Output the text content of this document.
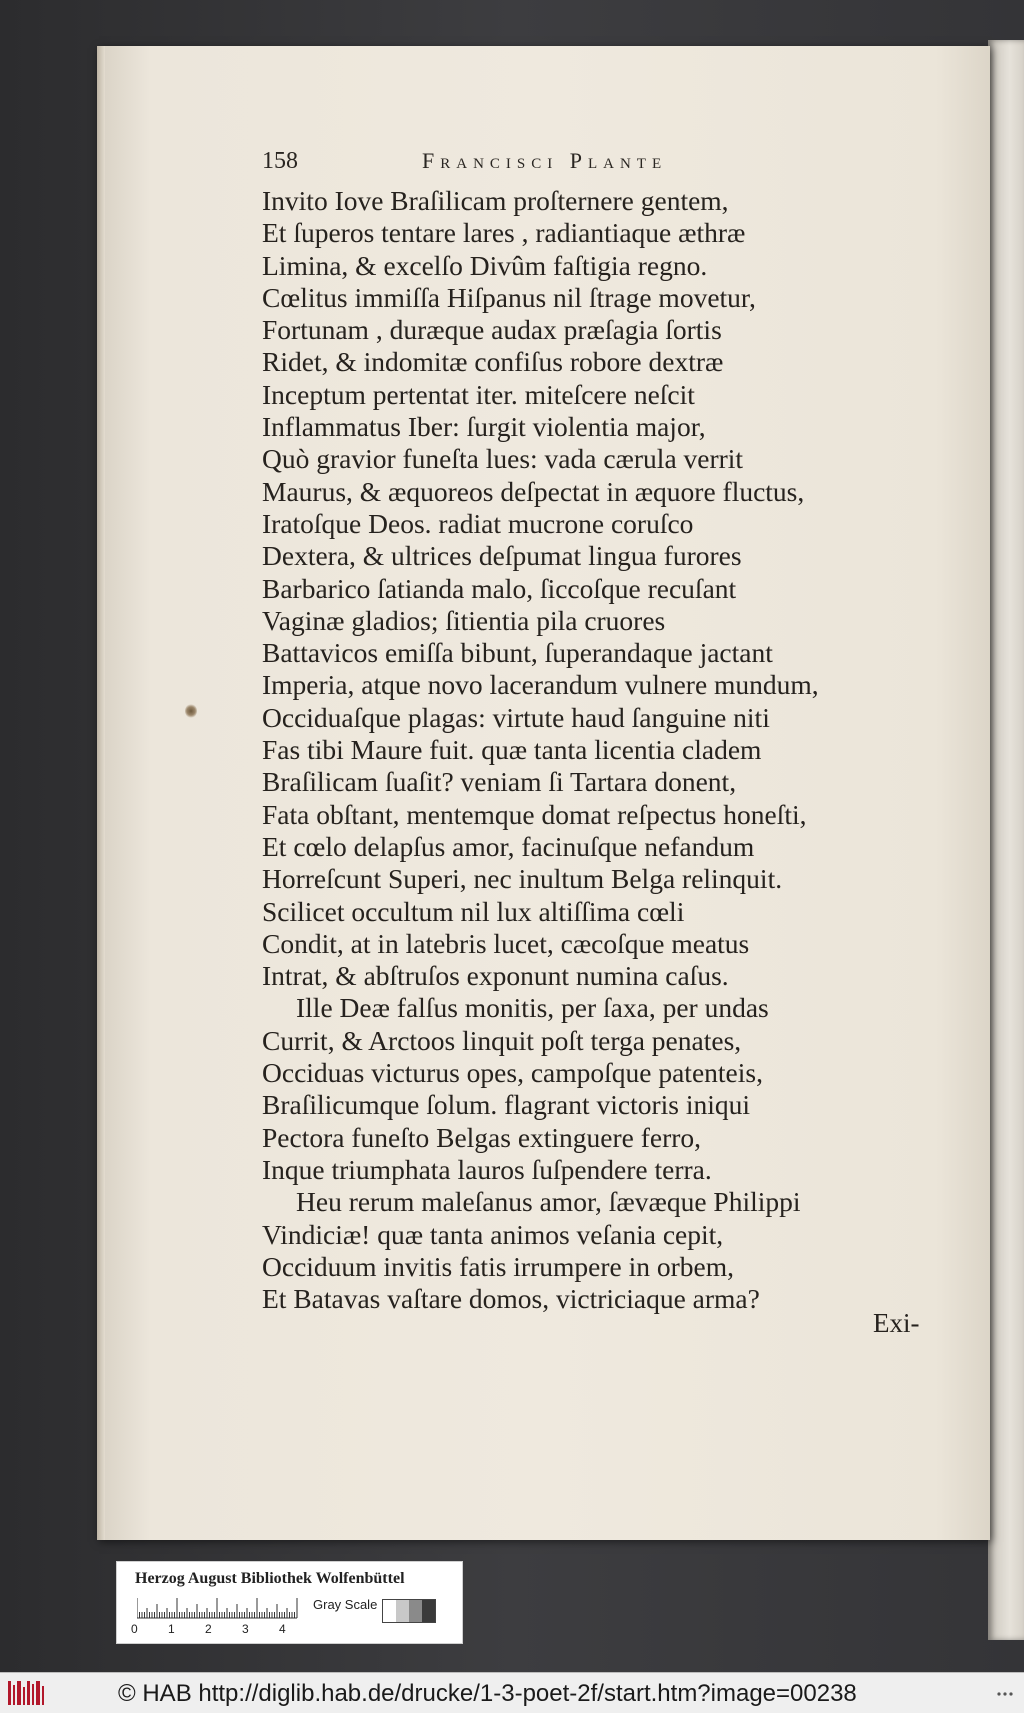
158	Francisci Plante
Invito Iove Braſilicam proſternere gentem,
Et ſuperos tentare lares , radiantiaque æthræ
Limina, & excelſo Divûm faſtigia regno.
Cœlitus immiſſa Hiſpanus nil ſtrage movetur,
Fortunam , duræque audax præſagia ſortis
Ridet, & indomitæ confiſus robore dextræ
Inceptum pertentat iter. miteſcere neſcit
Inflammatus Iber: ſurgit violentia major,
Quò gravior funeſta lues: vada cærula verrit
Maurus, & æquoreos deſpectat in æquore fluctus,
Iratoſque Deos. radiat mucrone coruſco
Dextera, & ultrices deſpumat lingua furores
Barbarico ſatianda malo, ſiccoſque recuſant
Vaginæ gladios; ſitientia pila cruores
Battavicos emiſſa bibunt, ſuperandaque jactant
Imperia, atque novo lacerandum vulnere mundum,
Occiduaſque plagas: virtute haud ſanguine niti
Fas tibi Maure fuit. quæ tanta licentia cladem
Braſilicam ſuaſit? veniam ſi Tartara donent,
Fata obſtant, mentemque domat reſpectus honeſti,
Et cœlo delapſus amor, facinuſque nefandum
Horreſcunt Superi, nec inultum Belga relinquit.
Scilicet occultum nil lux altiſſima cœli
Condit, at in latebris lucet, cæcoſque meatus
Intrat, & abſtruſos exponunt numina caſus.
Ille Deæ falſus monitis, per ſaxa, per undas
Currit, & Arctoos linquit poſt terga penates,
Occiduas victurus opes, campoſque patenteis,
Braſilicumque ſolum. flagrant victoris iniqui
Pectora funeſto Belgas extinguere ferro,
Inque triumphata lauros ſuſpendere terra.
Heu rerum maleſanus amor, ſævæque Philippi
Vindiciæ! quæ tanta animos veſania cepit,
Occiduum invitis fatis irrumpere in orbem,
Et Batavas vaſtare domos, victriciaque arma?
Exi-
Herzog August Bibliothek Wolfenbüttel
0	1	2	3	4
Gray Scale
© HAB http://diglib.hab.de/drucke/1-3-poet-2f/start.htm?image=00238
